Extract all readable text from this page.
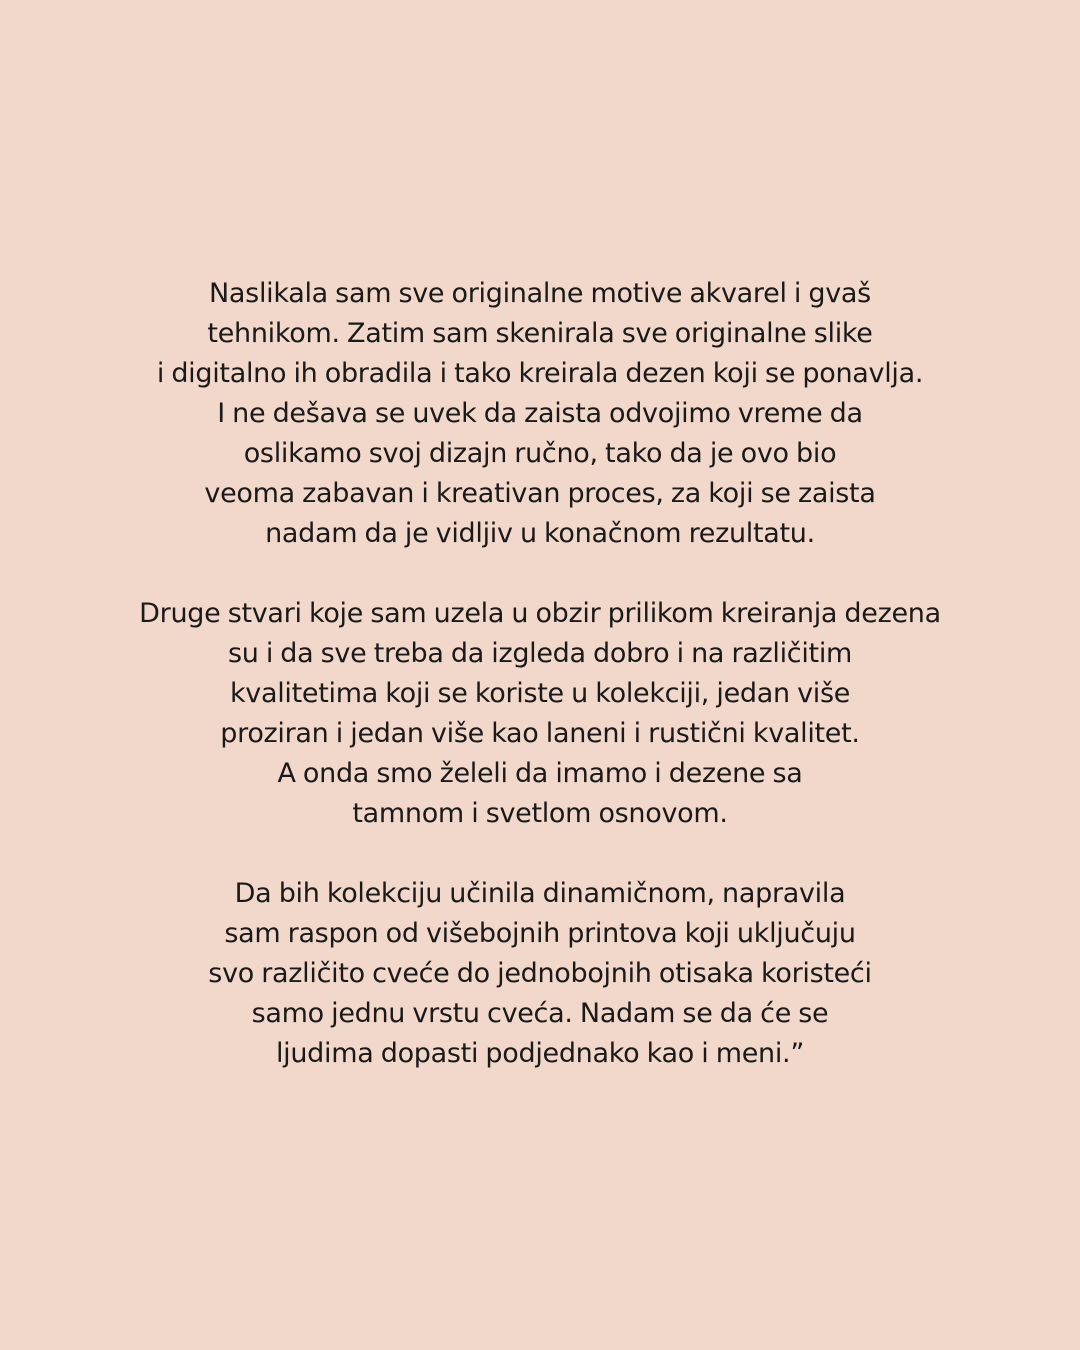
Naslikala sam sve originalne motive akvarel i gvaš
tehnikom. Zatim sam skenirala sve originalne slike
i digitalno ih obradila i tako kreirala dezen koji se ponavlja.
I ne dešava se uvek da zaista odvojimo vreme da
oslikamo svoj dizajn ručno, tako da je ovo bio
veoma zabavan i kreativan proces, za koji se zaista
nadam da je vidljiv u konačnom rezultatu.

Druge stvari koje sam uzela u obzir prilikom kreiranja dezena
su i da sve treba da izgleda dobro i na različitim
kvalitetima koji se koriste u kolekciji, jedan više
proziran i jedan više kao laneni i rustični kvalitet.
A onda smo želeli da imamo i dezene sa
tamnom i svetlom osnovom.

Da bih kolekciju učinila dinamičnom, napravila
sam raspon od višebojnih printova koji uključuju
svo različito cveće do jednobojnih otisaka koristeći
samo jednu vrstu cveća. Nadam se da će se
ljudima dopasti podjednako kao i meni.”
